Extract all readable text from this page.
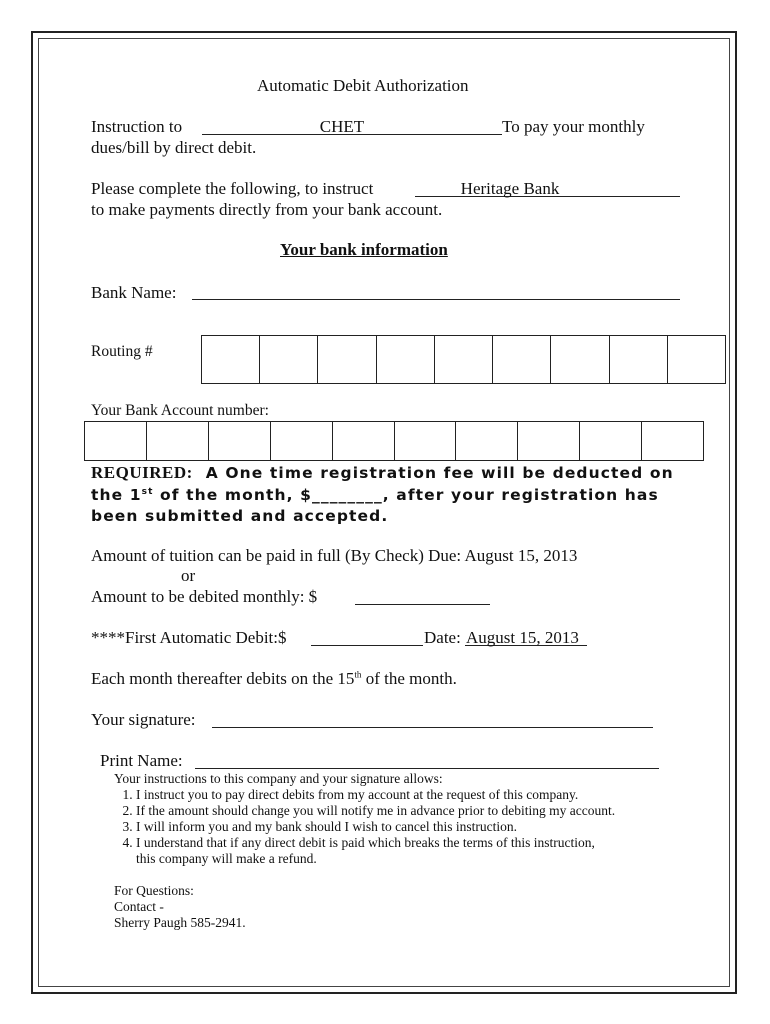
Automatic Debit Authorization
Instruction to	CHET	To pay your monthly
dues/bill by direct debit.
Please complete the following, to instruct	Heritage Bank
to make payments directly from your bank account.
Your bank information
Bank Name:
Routing #
Your Bank Account number:
REQUIRED: A One time registration fee will be deducted on
the 1st of the month, $________, after your registration has
been submitted and accepted.
Amount of tuition can be paid in full (By Check) Due: August 15, 2013
or
Amount to be debited monthly: $
****First Automatic Debit:$	Date: August 15, 2013
Each month thereafter debits on the 15th of the month.
Your signature:
Print Name:
Your instructions to this company and your signature allows:
1. I instruct you to pay direct debits from my account at the request of this company.
2. If the amount should change you will notify me in advance prior to debiting my account.
3. I will inform you and my bank should I wish to cancel this instruction.
4. I understand that if any direct debit is paid which breaks the terms of this instruction,
this company will make a refund.
For Questions:
Contact -
Sherry Paugh 585-2941.
